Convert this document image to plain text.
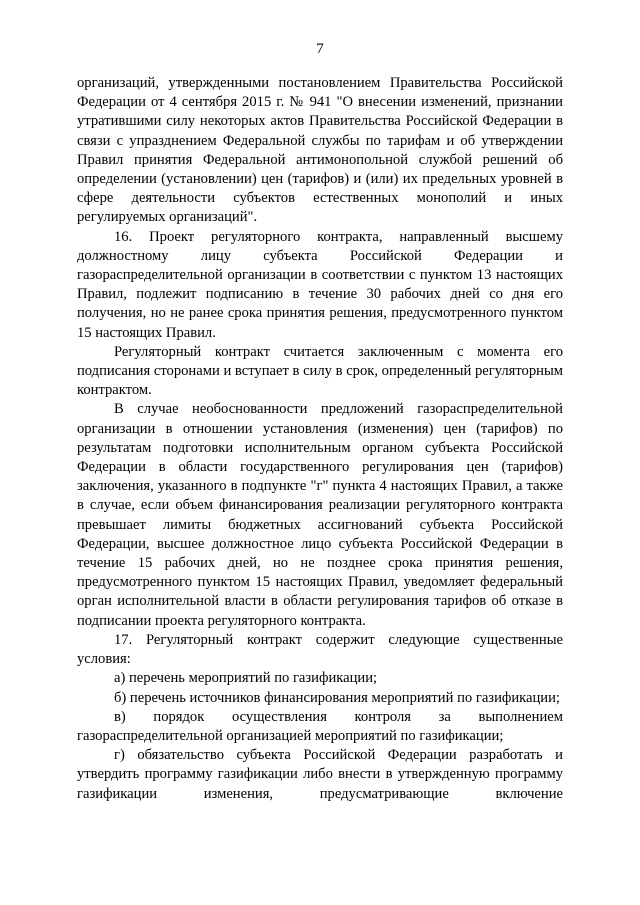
7

организаций, утвержденными постановлением Правительства Российской Федерации от 4 сентября 2015 г. № 941 "О внесении изменений, признании утратившими силу некоторых актов Правительства Российской Федерации в связи с упразднением Федеральной службы по тарифам и об утверждении Правил принятия Федеральной антимонопольной службой решений об определении (установлении) цен (тарифов) и (или) их предельных уровней в сфере деятельности субъектов естественных монополий и иных регулируемых организаций".

16. Проект регуляторного контракта, направленный высшему должностному лицу субъекта Российской Федерации и газораспределительной организации в соответствии с пунктом 13 настоящих Правил, подлежит подписанию в течение 30 рабочих дней со дня его получения, но не ранее срока принятия решения, предусмотренного пунктом 15 настоящих Правил.

Регуляторный контракт считается заключенным с момента его подписания сторонами и вступает в силу в срок, определенный регуляторным контрактом.

В случае необоснованности предложений газораспределительной организации в отношении установления (изменения) цен (тарифов) по результатам подготовки исполнительным органом субъекта Российской Федерации в области государственного регулирования цен (тарифов) заключения, указанного в подпункте "г" пункта 4 настоящих Правил, а также в случае, если объем финансирования реализации регуляторного контракта превышает лимиты бюджетных ассигнований субъекта Российской Федерации, высшее должностное лицо субъекта Российской Федерации в течение 15 рабочих дней, но не позднее срока принятия решения, предусмотренного пунктом 15 настоящих Правил, уведомляет федеральный орган исполнительной власти в области регулирования тарифов об отказе в подписании проекта регуляторного контракта.

17. Регуляторный контракт содержит следующие существенные условия:

а) перечень мероприятий по газификации;

б) перечень источников финансирования мероприятий по газификации;

в) порядок осуществления контроля за выполнением газораспределительной организацией мероприятий по газификации;

г) обязательство субъекта Российской Федерации разработать и утвердить программу газификации либо внести в утвержденную программу газификации изменения, предусматривающие включение
